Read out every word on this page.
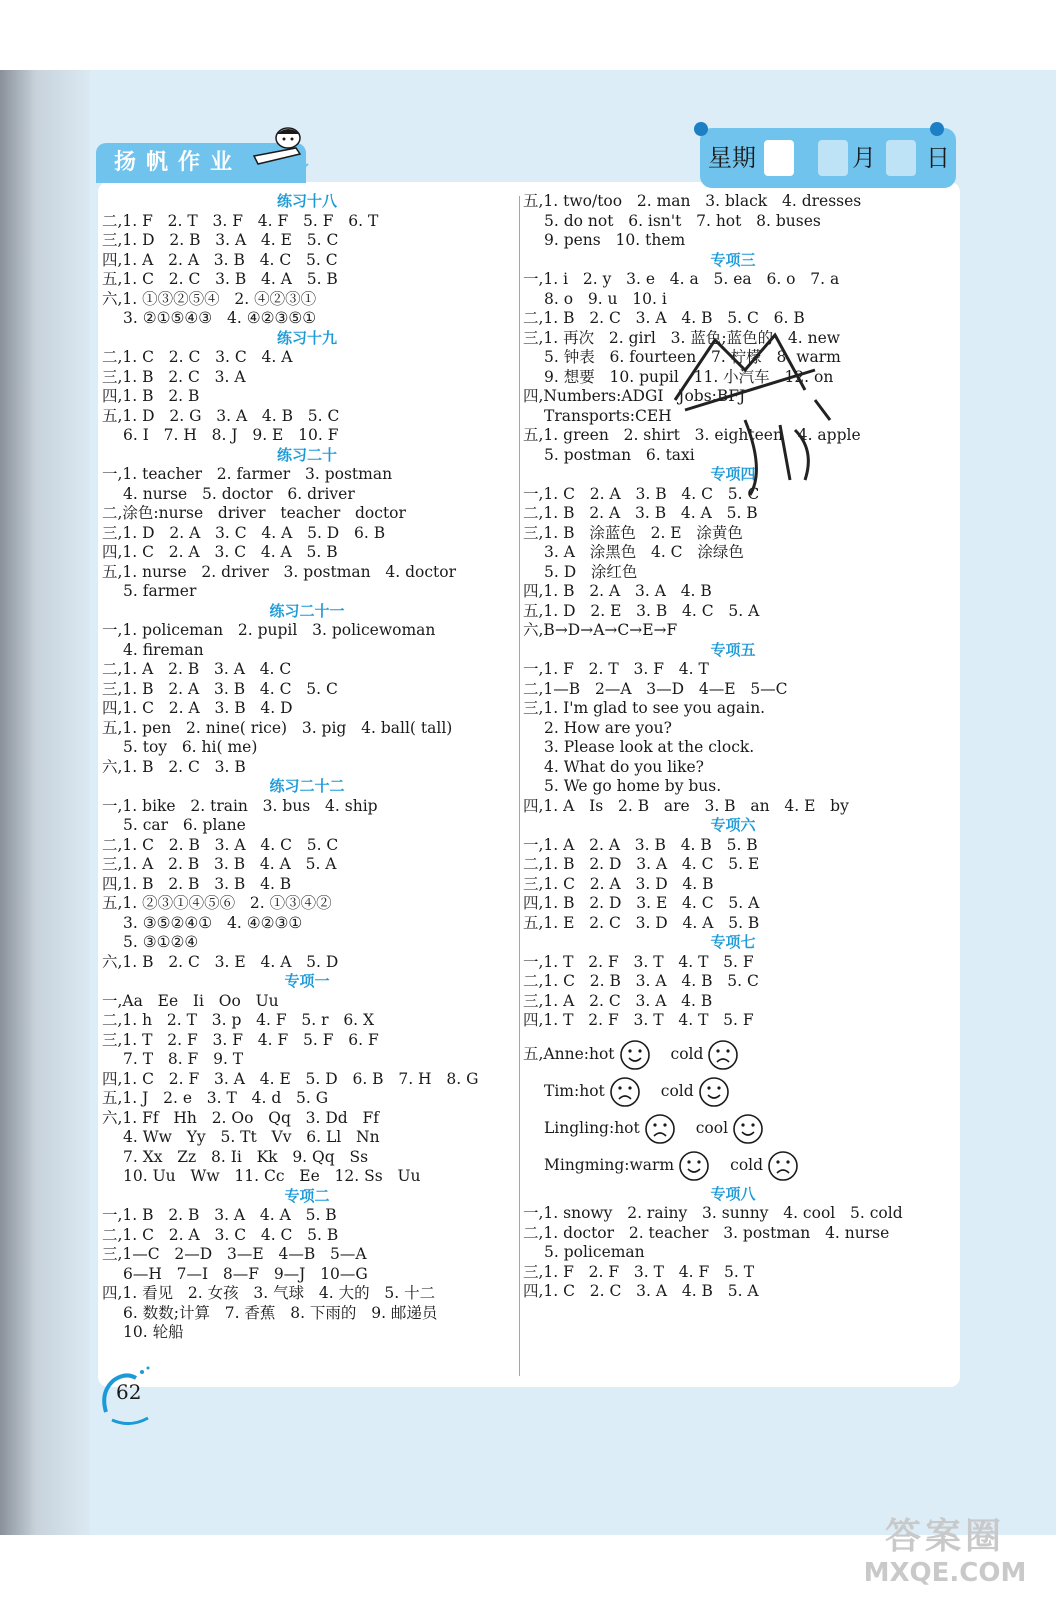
扬帆作业	星期	月 日
练习十八
二,1. F   2. T   3. F   4. F   5. F   6. T
三,1. D   2. B   3. A   4. E   5. C
四,1. A   2. A   3. B   4. C   5. C
五,1. C   2. C   3. B   4. A   5. B
六,1. ①③②⑤④   2. ④②③①
3. ②①⑤④③   4. ④②③⑤①
练习十九
二,1. C   2. C   3. C   4. A
三,1. B   2. C   3. A
四,1. B   2. B
五,1. D   2. G   3. A   4. B   5. C
6. I   7. H   8. J   9. E   10. F
练习二十
一,1. teacher   2. farmer   3. postman
4. nurse   5. doctor   6. driver
二,涂色:nurse   driver   teacher   doctor
三,1. D   2. A   3. C   4. A   5. D   6. B
四,1. C   2. A   3. C   4. A   5. B
五,1. nurse   2. driver   3. postman   4. doctor
5. farmer
练习二十一
一,1. policeman   2. pupil   3. policewoman
4. fireman
二,1. A   2. B   3. A   4. C
三,1. B   2. A   3. B   4. C   5. C
四,1. C   2. A   3. B   4. D
五,1. pen   2. nine( rice)   3. pig   4. ball( tall)
5. toy   6. hi( me)
六,1. B   2. C   3. B
练习二十二
一,1. bike   2. train   3. bus   4. ship
5. car   6. plane
二,1. C   2. B   3. A   4. C   5. C
三,1. A   2. B   3. B   4. A   5. A
四,1. B   2. B   3. B   4. B
五,1. ②③①④⑤⑥   2. ①③④②
3. ③⑤②④①   4. ④②③①
5. ③①②④
六,1. B   2. C   3. E   4. A   5. D
专项一
一,Aa   Ee   Ii   Oo   Uu
二,1. h   2. T   3. p   4. F   5. r   6. X
三,1. T   2. F   3. F   4. F   5. F   6. F
7. T   8. F   9. T
四,1. C   2. F   3. A   4. E   5. D   6. B   7. H   8. G
五,1. J   2. e   3. T   4. d   5. G
六,1. Ff   Hh   2. Oo   Qq   3. Dd   Ff
4. Ww   Yy   5. Tt   Vv   6. Ll   Nn
7. Xx   Zz   8. Ii   Kk   9. Qq   Ss
10. Uu   Ww   11. Cc   Ee   12. Ss   Uu
专项二
一,1. B   2. B   3. A   4. A   5. B
二,1. C   2. A   3. C   4. C   5. B
三,1—C   2—D   3—E   4—B   5—A
6—H   7—I   8—F   9—J   10—G
四,1. 看见   2. 女孩   3. 气球   4. 大的   5. 十二
6. 数数;计算   7. 香蕉   8. 下雨的   9. 邮递员
10. 轮船
五,1. two/too   2. man   3. black   4. dresses
5. do not   6. isn't   7. hot   8. buses
9. pens   10. them
专项三
一,1. i   2. y   3. e   4. a   5. ea   6. o   7. a
8. o   9. u   10. i
二,1. B   2. C   3. A   4. B   5. C   6. B
三,1. 再次   2. girl   3. 蓝色;蓝色的   4. new
5. 钟表   6. fourteen   7. 柠檬   8. warm
9. 想要   10. pupil   11. 小汽车   12. on
四,Numbers:ADGI   Jobs:BFJ
Transports:CEH
五,1. green   2. shirt   3. eighteen   4. apple
5. postman   6. taxi
专项四
一,1. C   2. A   3. B   4. C   5. C
二,1. B   2. A   3. B   4. A   5. B
三,1. B   涂蓝色   2. E   涂黄色
3. A   涂黑色   4. C   涂绿色
5. D   涂红色
四,1. B   2. A   3. A   4. B
五,1. D   2. E   3. B   4. C   5. A
六,B→D→A→C→E→F
专项五
一,1. F   2. T   3. F   4. T
二,1—B   2—A   3—D   4—E   5—C
三,1. I'm glad to see you again.
2. How are you?
3. Please look at the clock.
4. What do you like?
5. We go home by bus.
四,1. A   Is   2. B   are   3. B   an   4. E   by
专项六
一,1. A   2. A   3. B   4. B   5. B
二,1. B   2. D   3. A   4. C   5. E
三,1. C   2. A   3. D   4. B
四,1. B   2. D   3. E   4. C   5. A
五,1. E   2. C   3. D   4. A   5. B
专项七
一,1. T   2. F   3. T   4. T   5. F
二,1. C   2. B   3. A   4. B   5. C
三,1. A   2. C   3. A   4. B
四,1. T   2. F   3. T   4. T   5. F
五, Anne:hot	cold
Tim:hot	cold
Lingling:hot	cool
Mingming:warm	cold
专项八
一,1. snowy   2. rainy   3. sunny   4. cool   5. cold
二,1. doctor   2. teacher   3. postman   4. nurse
5. policeman
三,1. F   2. F   3. T   4. F   5. T
四,1. C   2. C   3. A   4. B   5. A
62
答案圈
MXQE.COM
